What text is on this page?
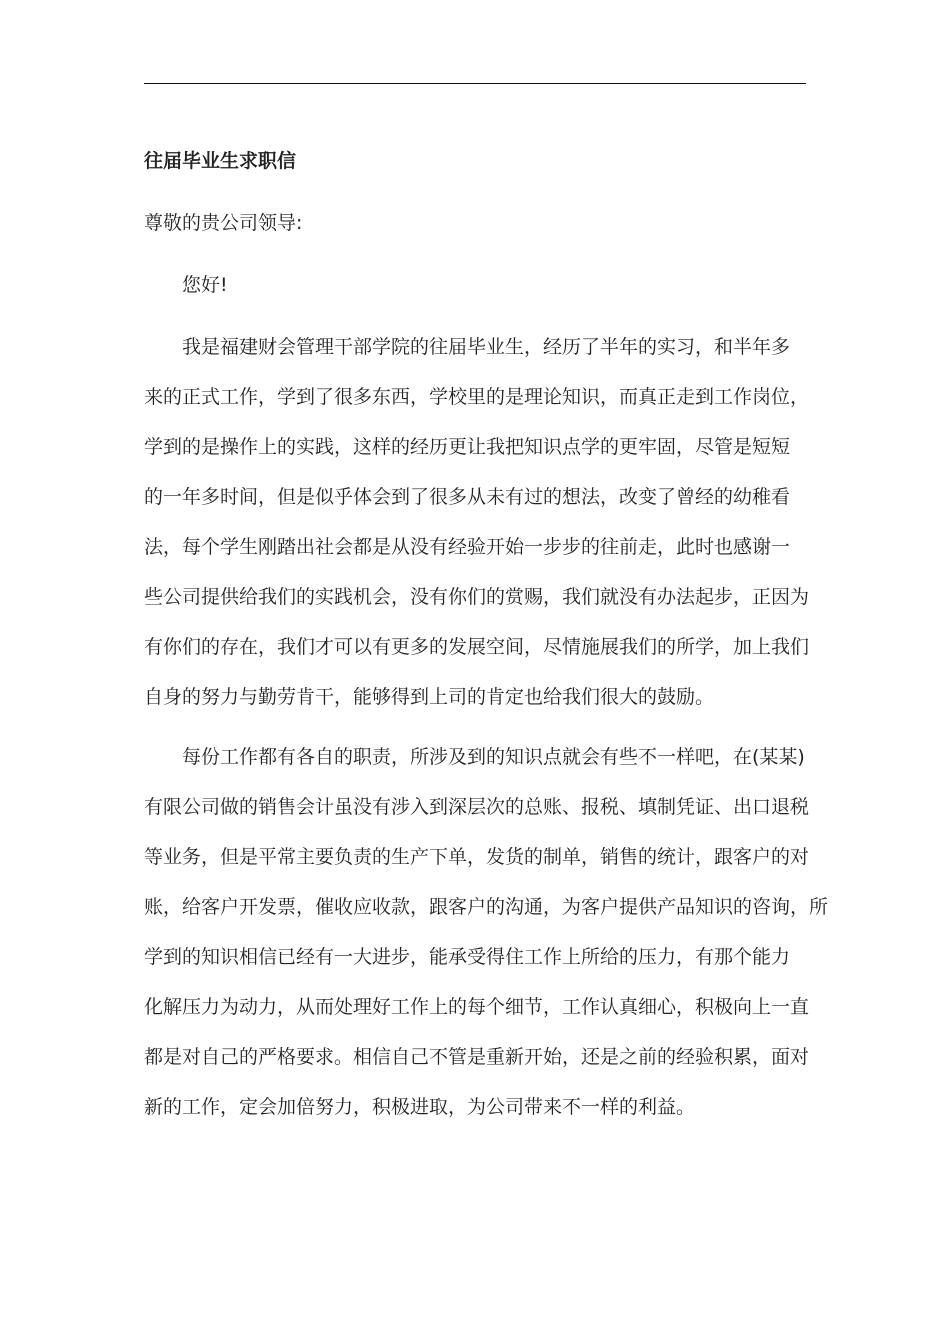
往届毕业生求职信
尊敬的贵公司领导:
您好!
我是福建财会管理干部学院的往届毕业生，经历了半年的实习，和半年多
来的正式工作，学到了很多东西，学校里的是理论知识，而真正走到工作岗位，
学到的是操作上的实践，这样的经历更让我把知识点学的更牢固，尽管是短短
的一年多时间，但是似乎体会到了很多从未有过的想法，改变了曾经的幼稚看
法，每个学生刚踏出社会都是从没有经验开始一步步的往前走，此时也感谢一
些公司提供给我们的实践机会，没有你们的赏赐，我们就没有办法起步，正因为
有你们的存在，我们才可以有更多的发展空间，尽情施展我们的所学，加上我们
自身的努力与勤劳肯干，能够得到上司的肯定也给我们很大的鼓励。
每份工作都有各自的职责，所涉及到的知识点就会有些不一样吧，在(某某)
有限公司做的销售会计虽没有涉入到深层次的总账、报税、填制凭证、出口退税
等业务，但是平常主要负责的生产下单，发货的制单，销售的统计，跟客户的对
账，给客户开发票，催收应收款，跟客户的沟通，为客户提供产品知识的咨询，所
学到的知识相信已经有一大进步，能承受得住工作上所给的压力，有那个能力
化解压力为动力，从而处理好工作上的每个细节，工作认真细心，积极向上一直
都是对自己的严格要求。相信自己不管是重新开始，还是之前的经验积累，面对
新的工作，定会加倍努力，积极进取，为公司带来不一样的利益。
